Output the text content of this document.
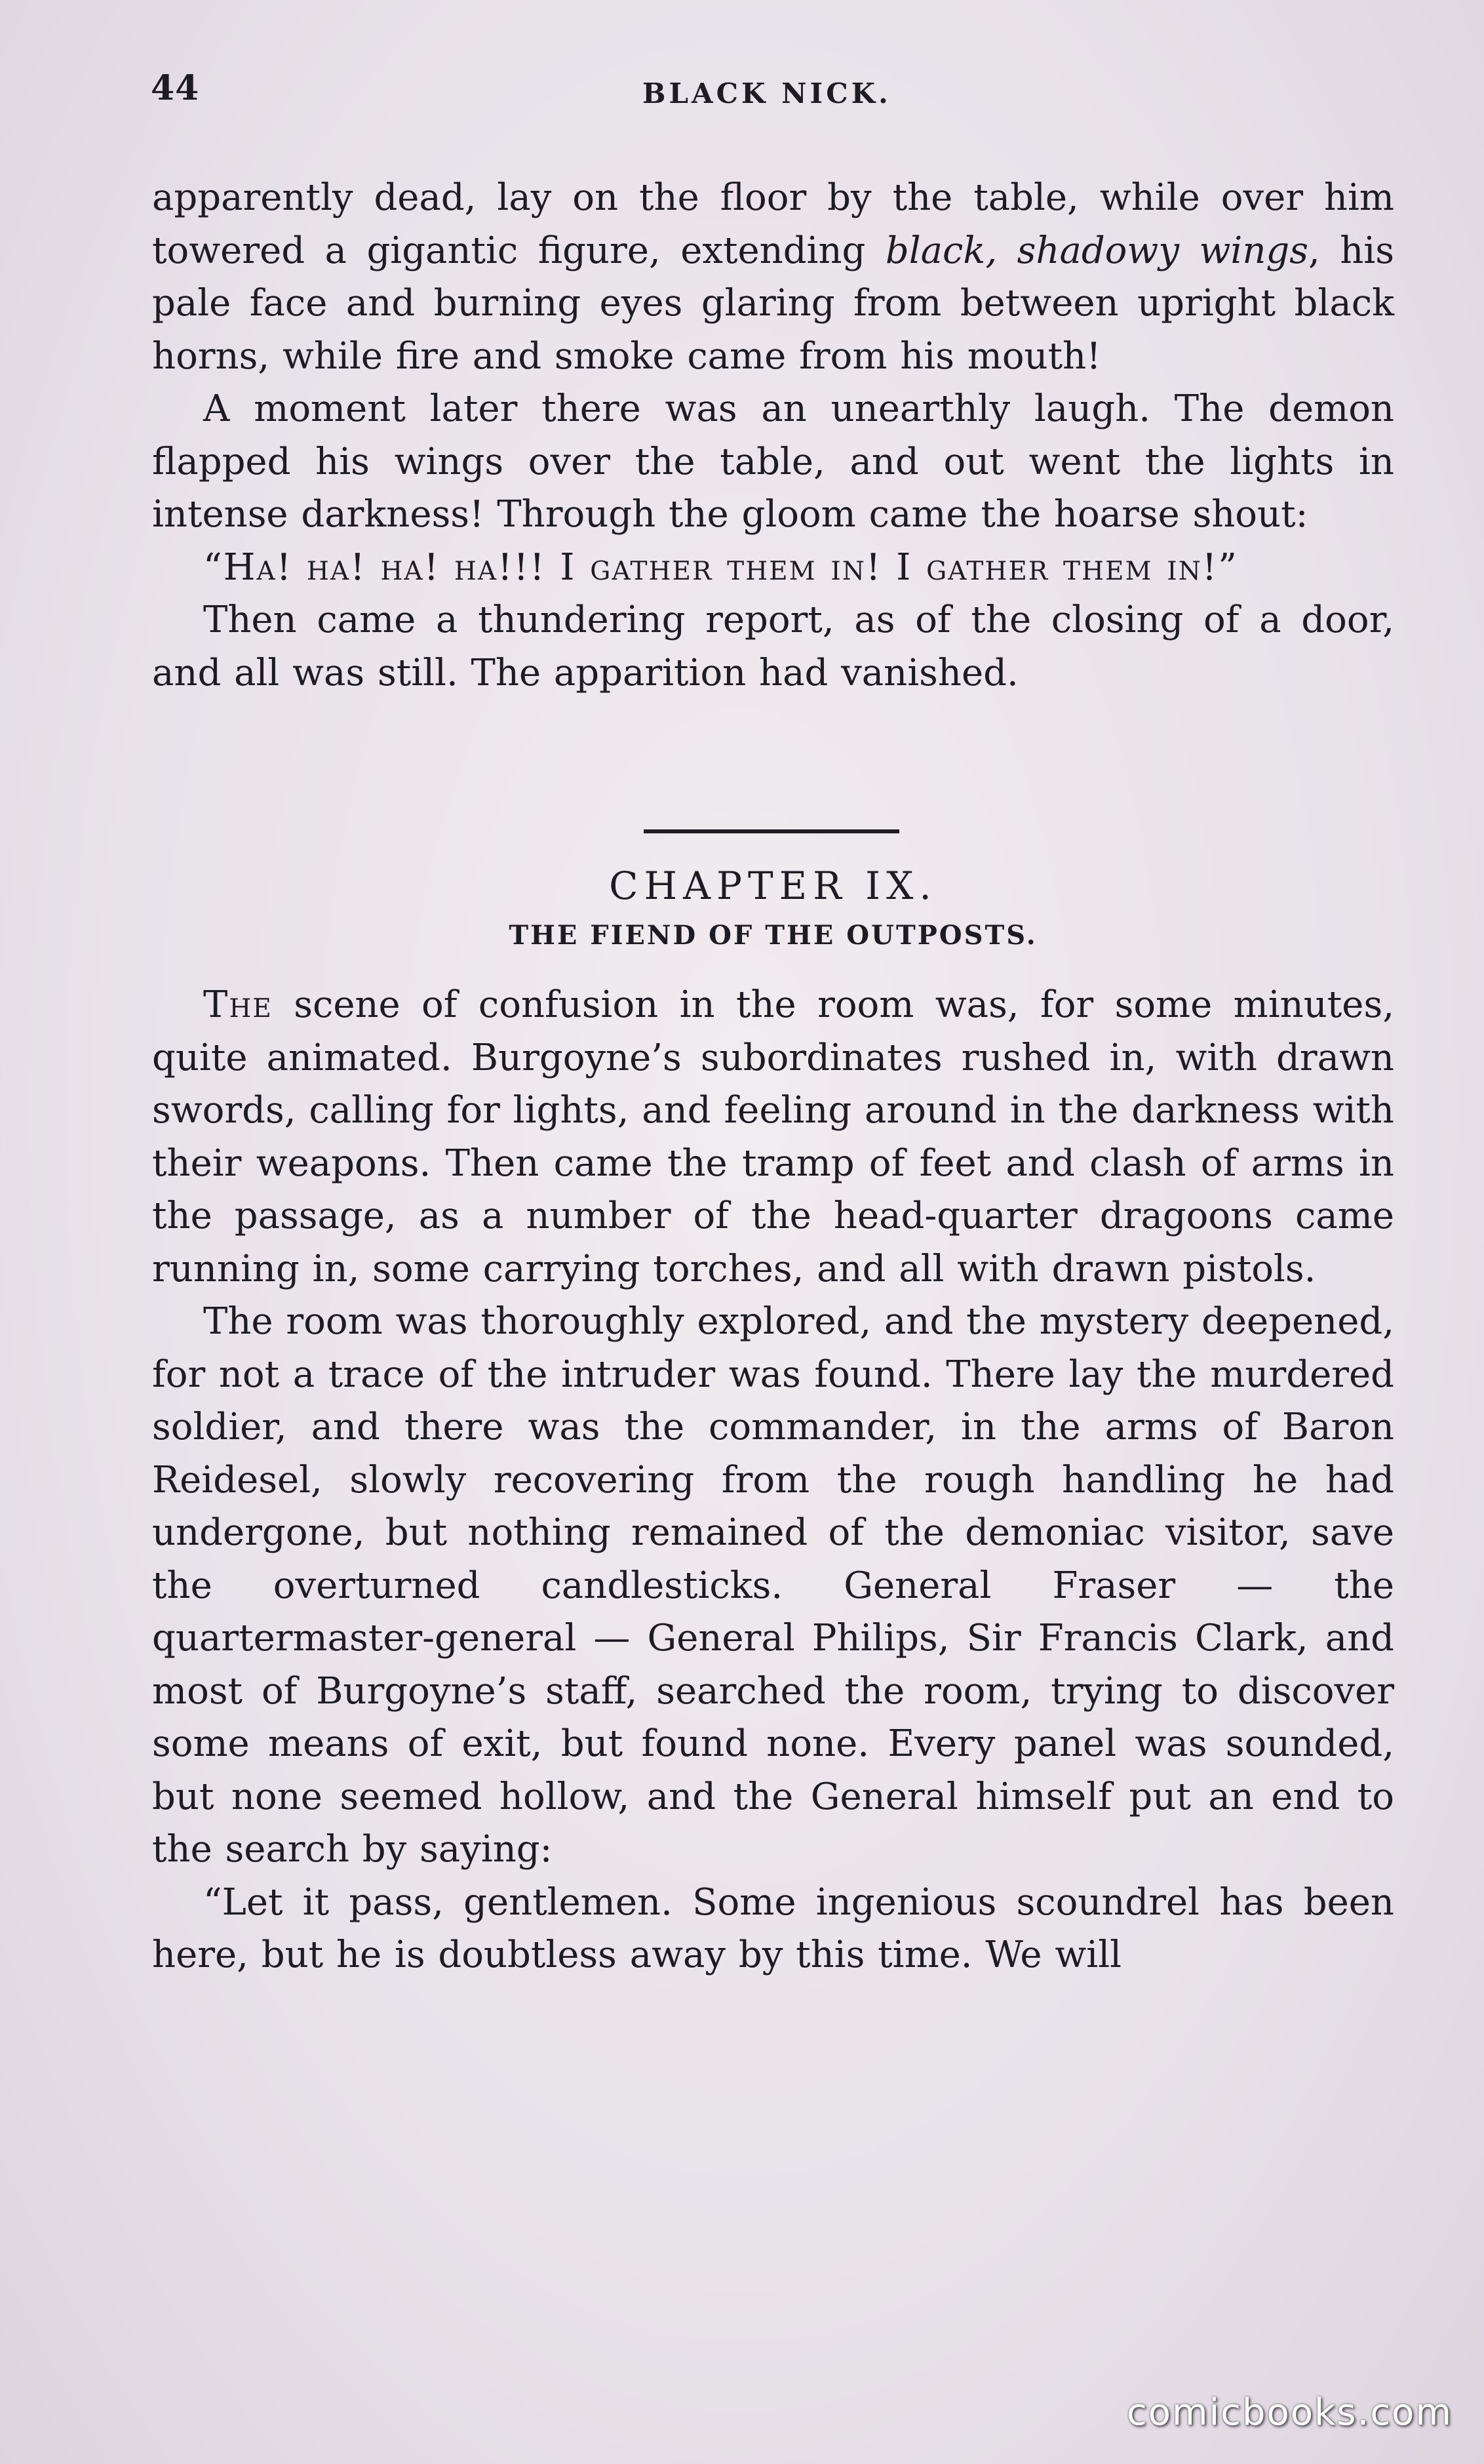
44	BLACK NICK.

apparently dead, lay on the floor by the table, while over him towered a gigantic figure, extending black, shadowy wings, his pale face and burning eyes glaring from between upright black horns, while fire and smoke came from his mouth!

A moment later there was an unearthly laugh. The demon flapped his wings over the table, and out went the lights in intense darkness! Through the gloom came the hoarse shout:

“Ha! ha! ha! ha!!! I gather them in! I gather them in!”

Then came a thundering report, as of the closing of a door, and all was still. The apparition had vanished.

CHAPTER IX.
THE FIEND OF THE OUTPOSTS.

The scene of confusion in the room was, for some minutes, quite animated. Burgoyne’s subordinates rushed in, with drawn swords, calling for lights, and feeling around in the darkness with their weapons. Then came the tramp of feet and clash of arms in the passage, as a number of the head-quarter dragoons came running in, some carrying torches, and all with drawn pistols.

The room was thoroughly explored, and the mystery deepened, for not a trace of the intruder was found. There lay the murdered soldier, and there was the commander, in the arms of Baron Reidesel, slowly recovering from the rough handling he had undergone, but nothing remained of the demoniac visitor, save the overturned candlesticks. General Fraser — the quartermaster-general — General Philips, Sir Francis Clark, and most of Burgoyne’s staff, searched the room, trying to discover some means of exit, but found none. Every panel was sounded, but none seemed hollow, and the General himself put an end to the search by saying:

“Let it pass, gentlemen. Some ingenious scoundrel has been here, but he is doubtless away by this time. We will

comicbooks.com
